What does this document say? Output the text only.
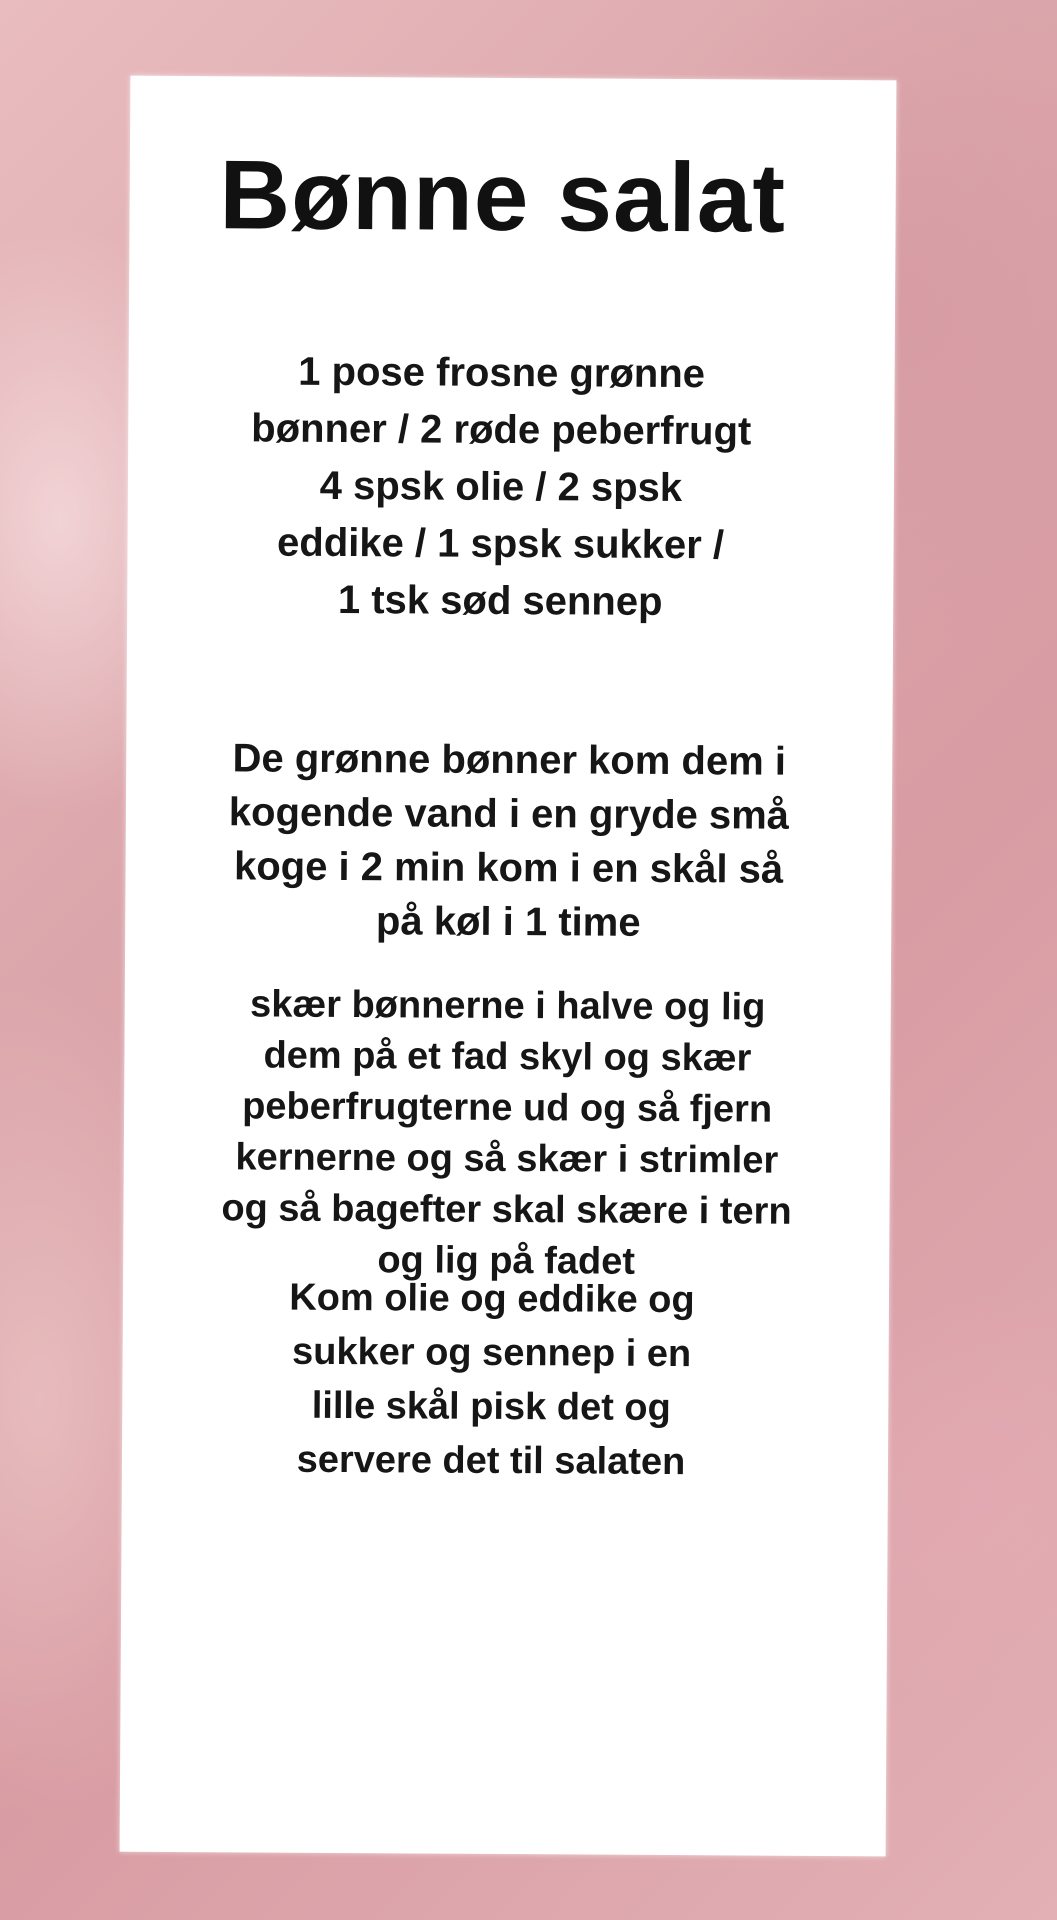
Bønne salat

1 pose frosne grønne
bønner / 2 røde peberfrugt
4 spsk olie / 2 spsk
eddike / 1 spsk sukker /
1 tsk sød sennep

De grønne bønner kom dem i
kogende vand i en gryde små
koge i 2 min kom i en skål så
på køl i 1 time

skær bønnerne i halve og lig
dem på et fad skyl og skær
peberfrugterne ud og så fjern
kernerne og så skær i strimler
og så bagefter skal skære i tern
og lig på fadet

Kom olie og eddike og
sukker og sennep i en
lille skål pisk det og
servere det til salaten
